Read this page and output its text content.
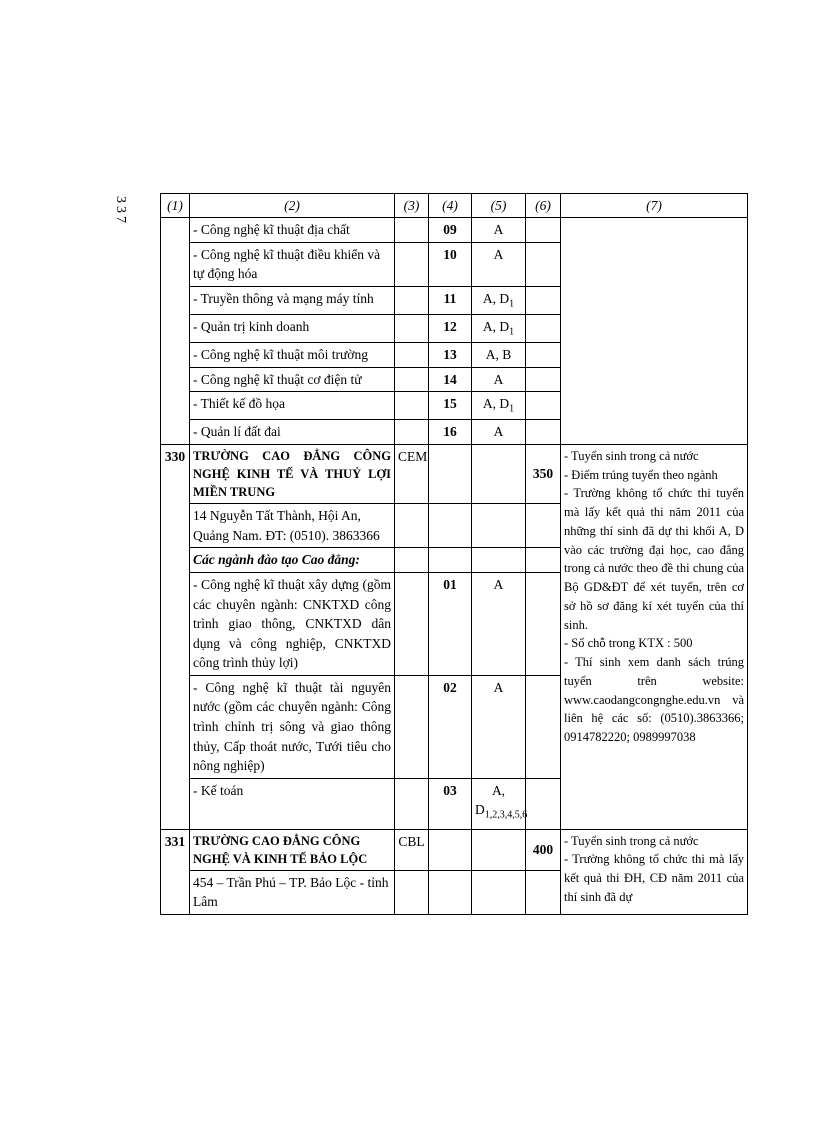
337	(1)	(2)	(3)	(4)	(5)	(6)	(7)
	- Công nghệ kĩ thuật địa chất		09	A		
	- Công nghệ kĩ thuật điều khiển và tự động hóa		10	A		
	- Truyền thông và mạng máy tính		11	A, $D_1$	
	- Quản trị kinh doanh		12	A, $D_1$	
	- Công nghệ kĩ thuật môi trường		13	A, B		
	- Công nghệ kĩ thuật cơ điện tử		14	A		
	- Thiết kế đồ họa		15	A, $D_1$	
	- Quản lí đất đai		16	A		
330	TRƯỜNG CAO ĐẲNG CÔNG NGHỆ KINH TẾ VÀ THUỶ LỢI MIỀN TRUNG	CEM			350	- Tuyển sinh trong cả nước
- Điểm trúng tuyển theo ngành
- Trường không tổ chức thi tuyển mà lấy kết quả thi năm 2011 của những thí sinh đã dự thi khối A, D vào các trường đại học, cao đẳng trong cả nước theo đề thi chung của Bộ GD&ĐT để xét tuyển, trên cơ sở hồ sơ đăng kí xét tuyển của thí sinh.
- Số chỗ trong KTX : 500
- Thí sinh xem danh sách trúng tuyển trên website: www.caodangcongnghe.edu.vn và liên hệ các số: (0510).3863366; 0914782220; 0989997038

	14 Nguyễn Tất Thành, Hội An, Quảng Nam. ĐT: (0510). 3863366					
	Các ngành đào tạo Cao đẳng:					
	- Công nghệ kĩ thuật xây dựng (gồm các chuyên ngành: CNKTXD công trình giao thông, CNKTXD dân dụng và công nghiệp, CNKTXD công trình thủy lợi)		01	A		
	- Công nghệ kĩ thuật tài nguyên nước (gồm các chuyên ngành: Công trình chỉnh trị sông và giao thông thủy, Cấp thoát nước, Tưới tiêu cho nông nghiệp)		02	A		
	- Kế toán		03	A,
$D_{1,2,3,4,5,6}$	
331	TRƯỜNG CAO ĐẲNG CÔNG NGHỆ VÀ KINH TẾ BẢO LỘC	CBL			400	- Tuyển sinh trong cả nước
- Trường không tổ chức thi mà lấy kết quả thi ĐH, CĐ năm 2011 của thí sinh đã dự

	454 – Trần Phú – TP. Bảo Lộc - tỉnh Lâm					
